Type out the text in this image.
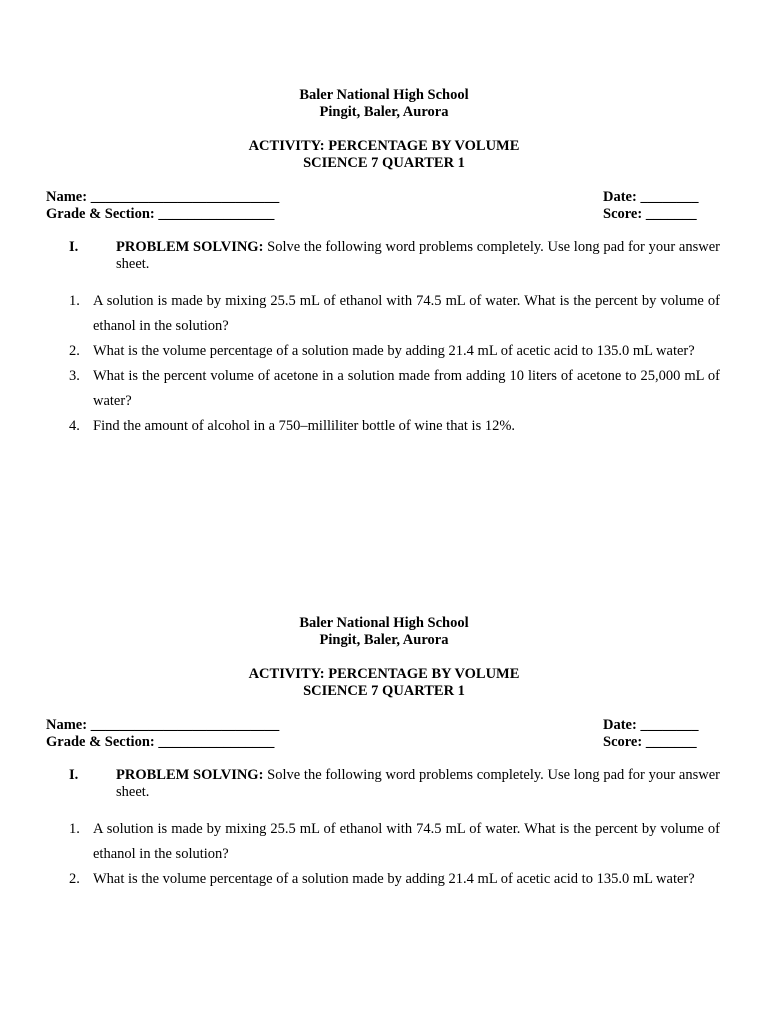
Baler National High School
Pingit, Baler, Aurora
ACTIVITY: PERCENTAGE BY VOLUME
SCIENCE 7 QUARTER 1
Name: __________________________
Grade & Section: ________________
Date: ________
Score: _______
I.	PROBLEM SOLVING: Solve the following word problems completely. Use long pad for your answer sheet.
1. A solution is made by mixing 25.5 mL of ethanol with 74.5 mL of water. What is the percent by volume of ethanol in the solution?
2. What is the volume percentage of a solution made by adding 21.4 mL of acetic acid to 135.0 mL water?
3. What is the percent volume of acetone in a solution made from adding 10 liters of acetone to 25,000 mL of water?
4. Find the amount of alcohol in a 750–milliliter bottle of wine that is 12%.
Baler National High School
Pingit, Baler, Aurora
ACTIVITY: PERCENTAGE BY VOLUME
SCIENCE 7 QUARTER 1
Name: __________________________
Grade & Section: ________________
Date: ________
Score: _______
I.	PROBLEM SOLVING: Solve the following word problems completely. Use long pad for your answer sheet.
1. A solution is made by mixing 25.5 mL of ethanol with 74.5 mL of water. What is the percent by volume of ethanol in the solution?
2. What is the volume percentage of a solution made by adding 21.4 mL of acetic acid to 135.0 mL water?
